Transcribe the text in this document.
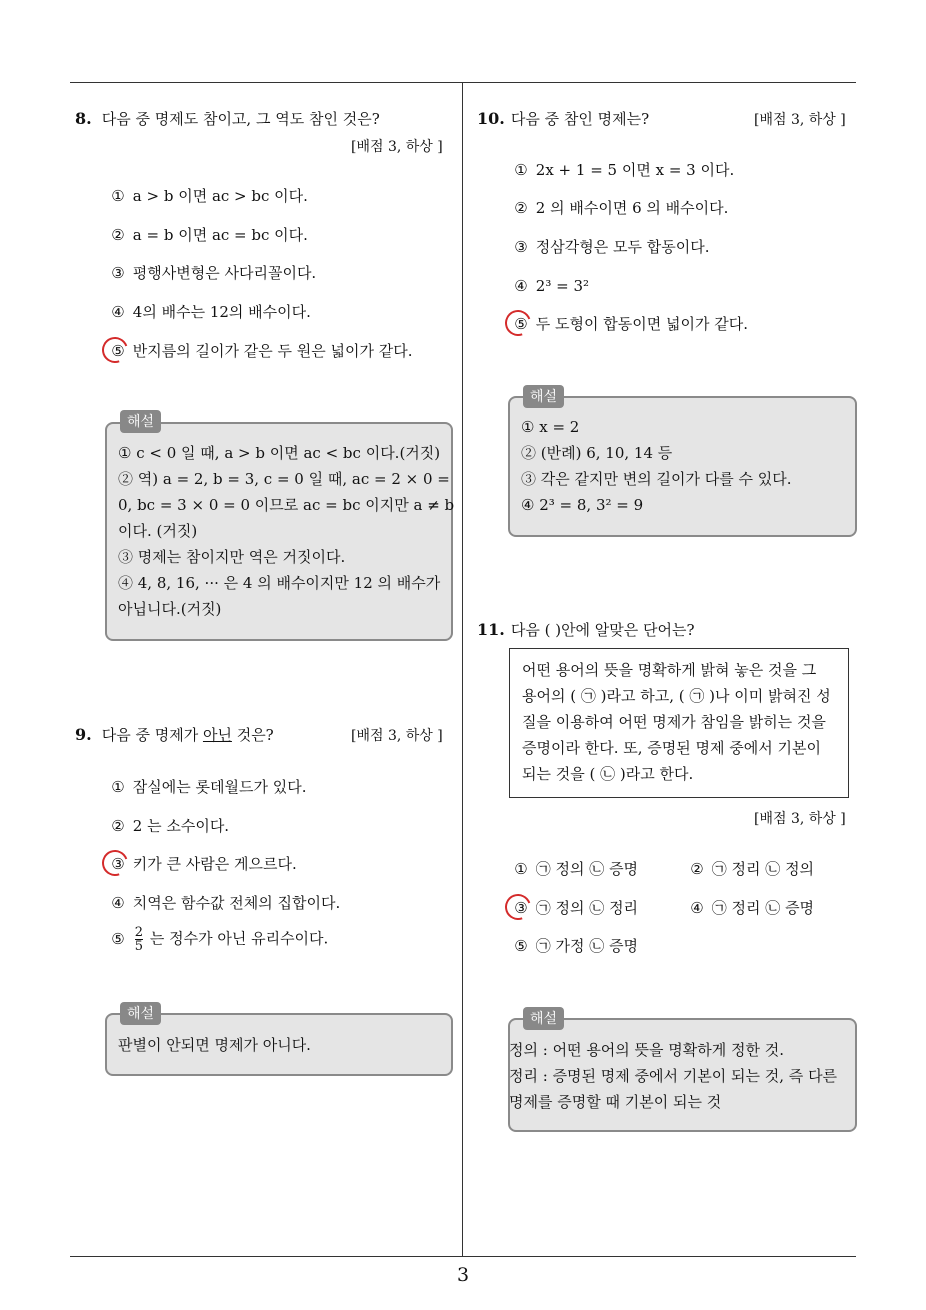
3
8. 다음 중 명제도 참이고, 그 역도 참인 것은?
[배점 3, 하상 ]
① a > b 이면 ac > bc 이다.
② a = b 이면 ac = bc 이다.
③ 평행사변형은 사다리꼴이다.
④ 4의 배수는 12의 배수이다.
⑤ 반지름의 길이가 같은 두 원은 넓이가 같다.
해설
① c < 0 일 때, a > b 이면 ac < bc 이다.(거짓)
② 역) a = 2, b = 3, c = 0 일 때, ac = 2 × 0 =
0, bc = 3 × 0 = 0 이므로 ac = bc 이지만 a ≠ b
이다. (거짓)
③ 명제는 참이지만 역은 거짓이다.
④ 4, 8, 16, ··· 은 4 의 배수이지만 12 의 배수가
아닙니다.(거짓)
9. 다음 중 명제가 아닌 것은?	[배점 3, 하상 ]
① 잠실에는 롯데월드가 있다.
② 2 는 소수이다.
③ 키가 큰 사람은 게으르다.
④ 치역은 함수값 전체의 집합이다.
⑤ $\frac{2}{5}$ 는 정수가 아닌 유리수이다.
해설
판별이 안되면 명제가 아니다.
10. 다음 중 참인 명제는?	[배점 3, 하상 ]
① 2x + 1 = 5 이면 x = 3 이다.
② 2 의 배수이면 6 의 배수이다.
③ 정삼각형은 모두 합동이다.
④ 2³ = 3²
⑤ 두 도형이 합동이면 넓이가 같다.
해설
① x = 2
② (반례) 6, 10, 14 등
③ 각은 같지만 변의 길이가 다를 수 있다.
④ 2³ = 8, 3² = 9
11. 다음 ( )안에 알맞은 단어는?
어떤 용어의 뜻을 명확하게 밝혀 놓은 것을 그
용어의 ( ㉠ )라고 하고, ( ㉠ )나 이미 밝혀진 성
질을 이용하여 어떤 명제가 참임을 밝히는 것을
증명이라 한다. 또, 증명된 명제 중에서 기본이
되는 것을 ( ㉡ )라고 한다.
[배점 3, 하상 ]
① ㉠ 정의 ㉡ 증명	② ㉠ 정리 ㉡ 정의
③ ㉠ 정의 ㉡ 정리	④ ㉠ 정리 ㉡ 증명
⑤ ㉠ 가정 ㉡ 증명
해설
정의 : 어떤 용어의 뜻을 명확하게 정한 것.
정리 : 증명된 명제 중에서 기본이 되는 것, 즉 다른
명제를 증명할 때 기본이 되는 것
